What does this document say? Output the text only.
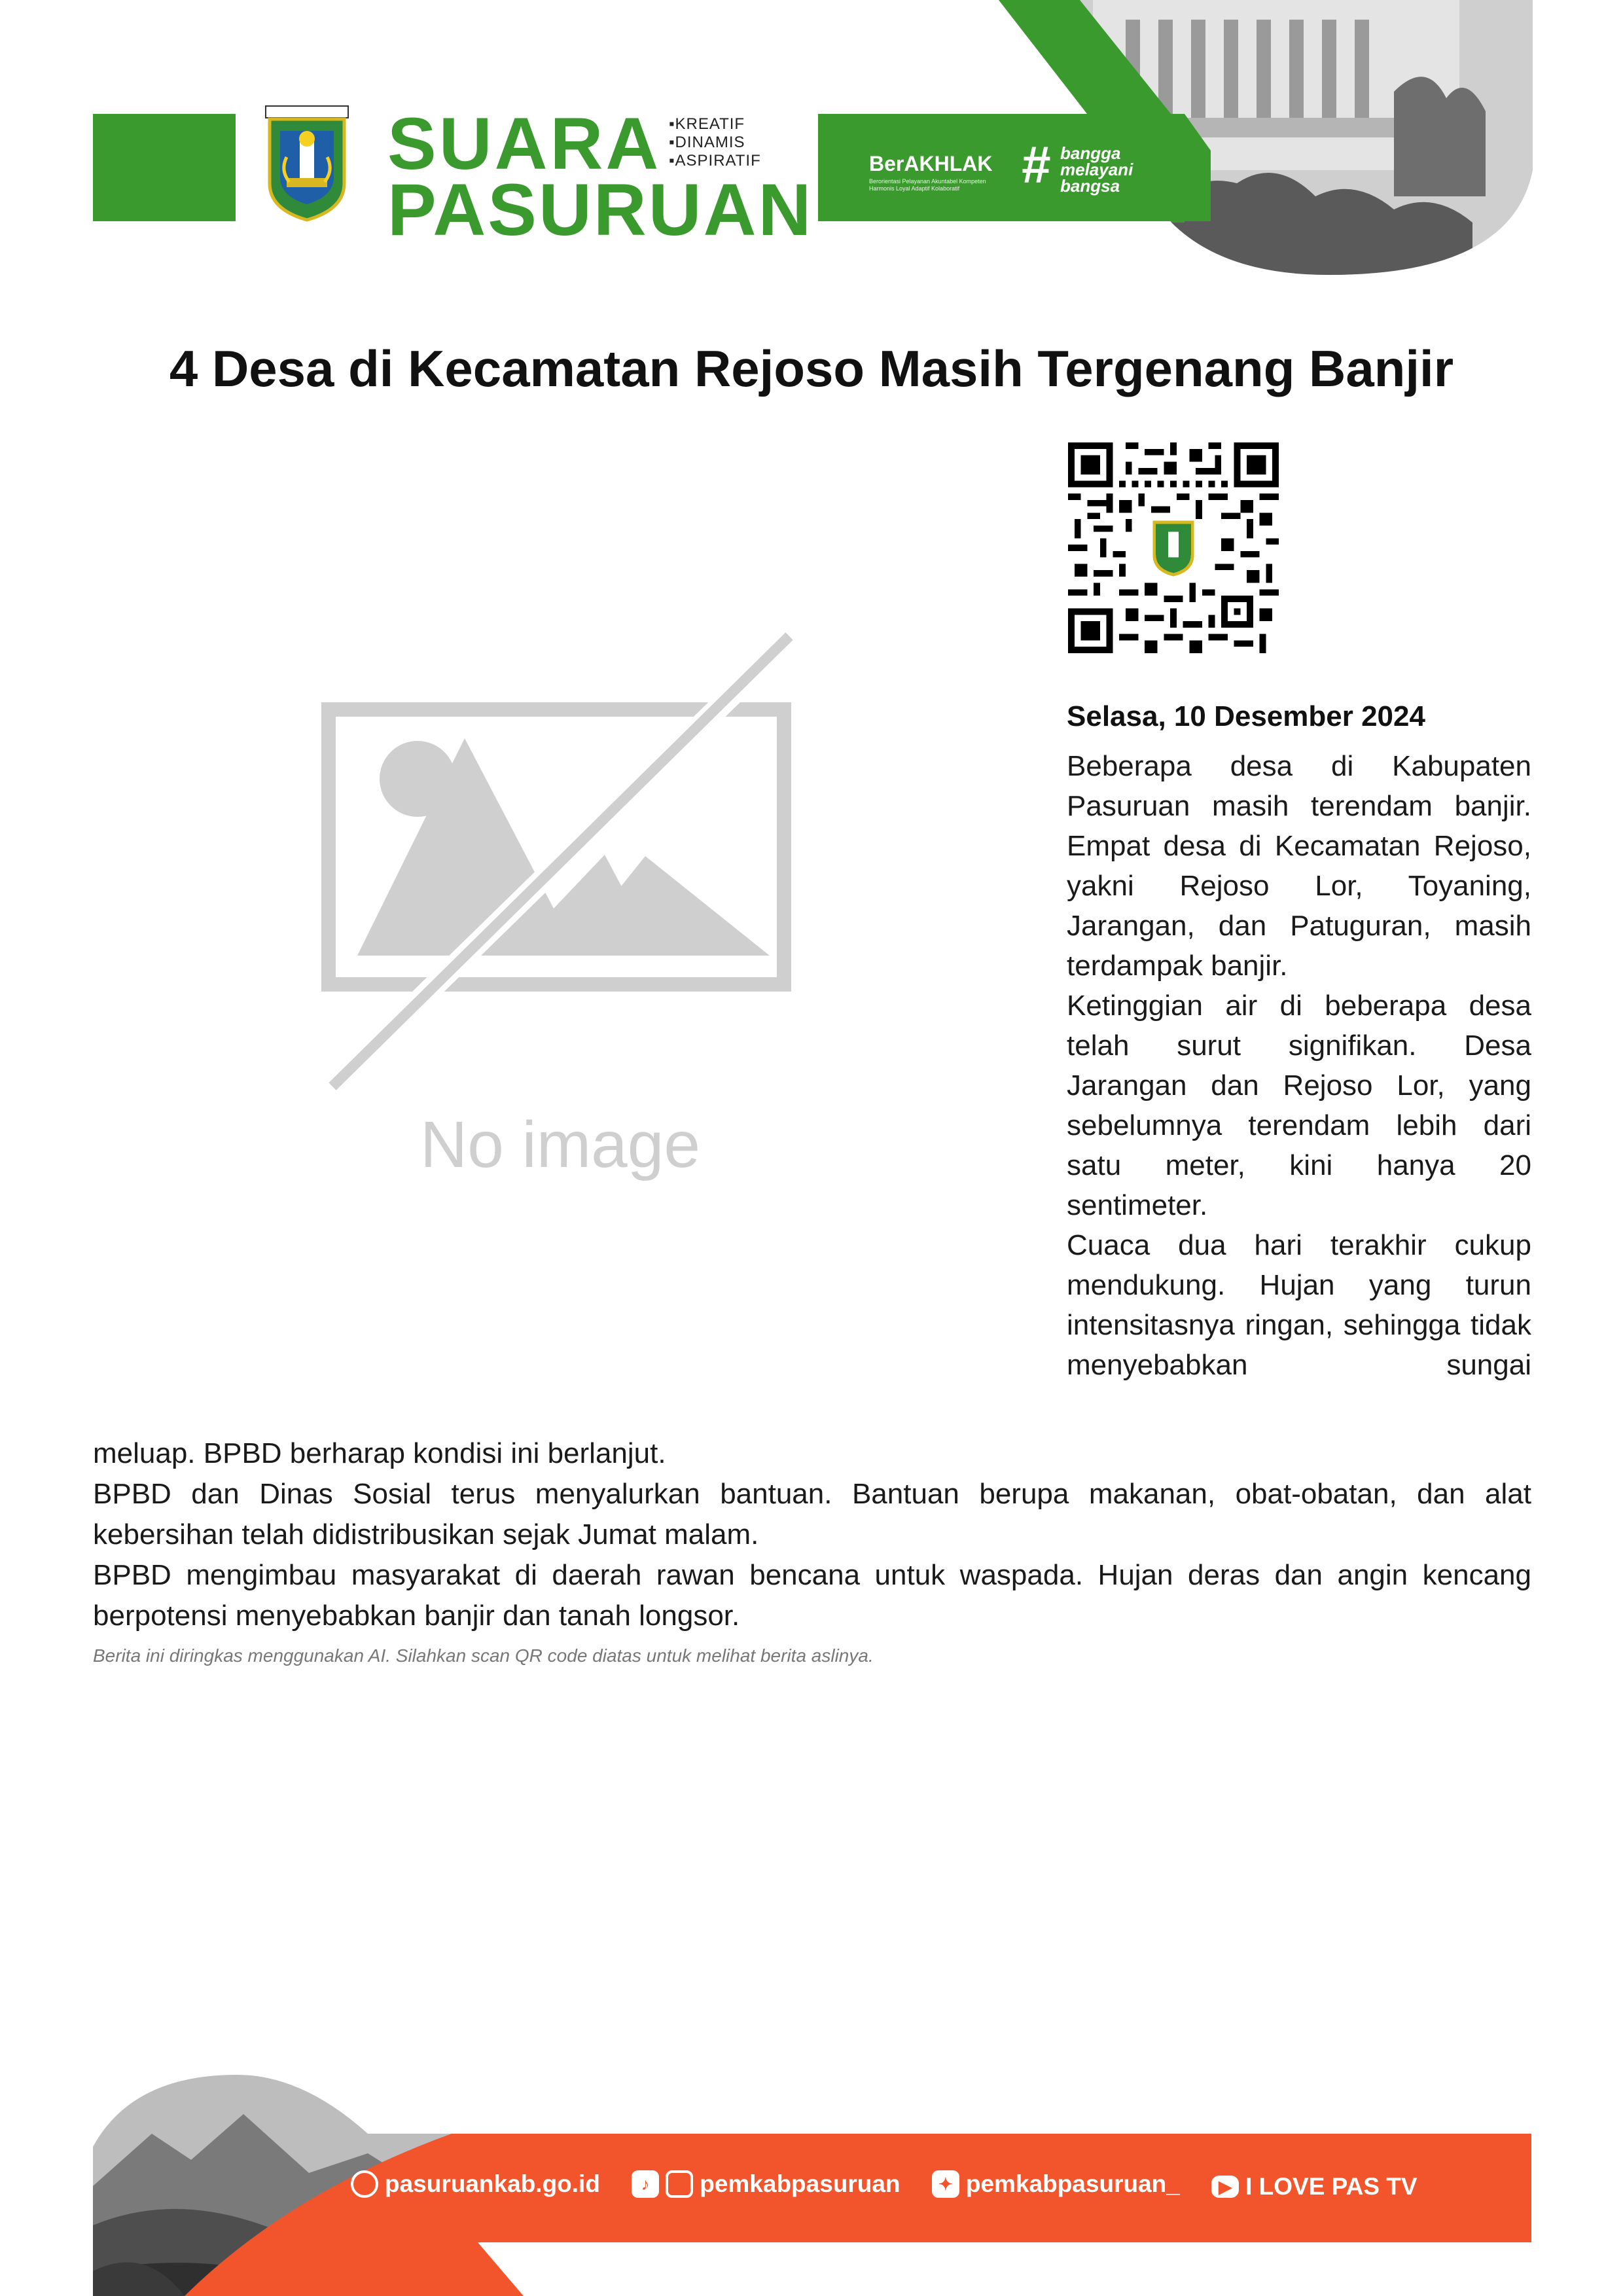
SUARA
PASURUAN
▪ KREATIF
▪ DINAMIS
▪ ASPIRATIF	BerAKHLAK
Berorientasi Pelayanan Akuntabel Kompeten Harmonis Loyal Adaptif Kolaboratif	# bangga
melayani
bangsa
4 Desa di Kecamatan Rejoso Masih Tergenang Banjir
No image
Selasa, 10 Desember 2024

Beberapa desa di Kabupaten Pasuruan masih terendam banjir. Empat desa di Kecamatan Rejoso, yakni Rejoso Lor, Toyaning, Jarangan, dan Patuguran, masih terdampak banjir.

Ketinggian air di beberapa desa telah surut signifikan. Desa Jarangan dan Rejoso Lor, yang sebelumnya terendam lebih dari satu meter, kini hanya 20 sentimeter.

Cuaca dua hari terakhir cukup mendukung. Hujan yang turun intensitasnya ringan, sehingga tidak menyebabkan sungai

meluap. BPBD berharap kondisi ini berlanjut.

BPBD dan Dinas Sosial terus menyalurkan bantuan. Bantuan berupa makanan, obat-obatan, dan alat kebersihan telah didistribusikan sejak Jumat malam.

BPBD mengimbau masyarakat di daerah rawan bencana untuk waspada. Hujan deras dan angin kencang berpotensi menyebabkan banjir dan tanah longsor.

Berita ini diringkas menggunakan AI. Silahkan scan QR code diatas untuk melihat berita aslinya.
pasuruankab.go.id
	♪	pemkabpasuruan
	✦ pemkabpasuruan_
	▶ I LOVE PAS TV
